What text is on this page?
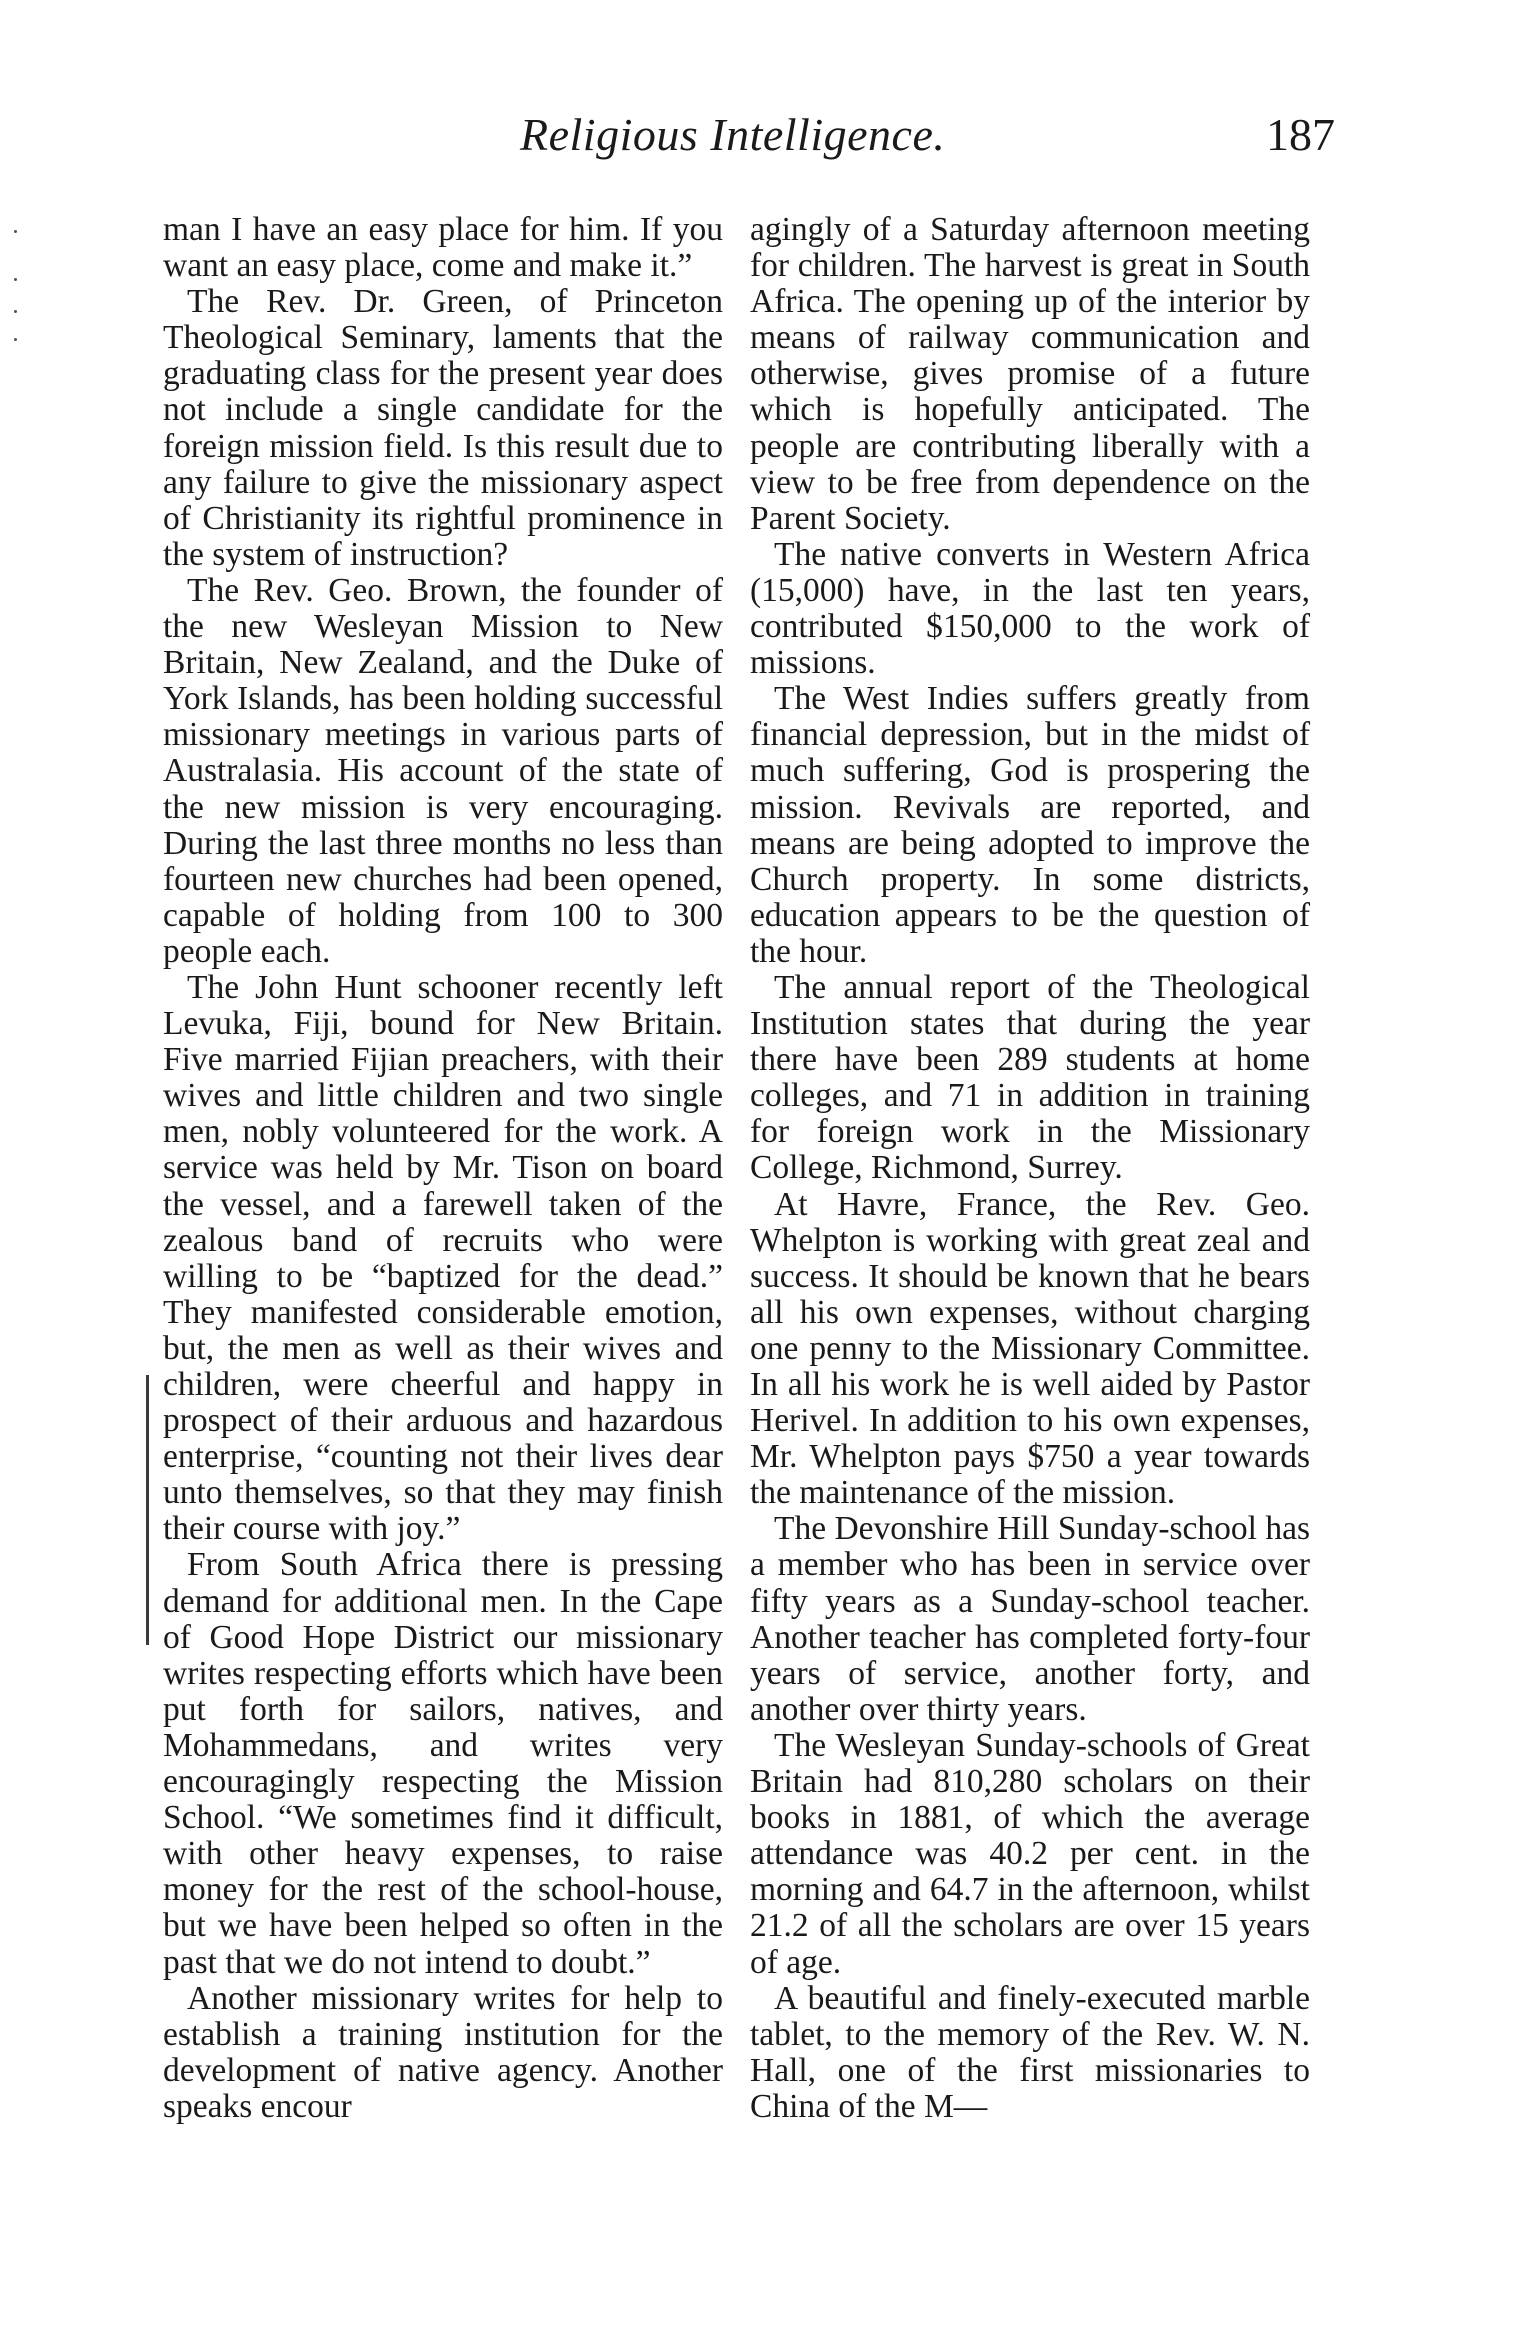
Religious Intelligence.	187

man I have an easy place for him. If you want an easy place, come and make it.”

The Rev. Dr. Green, of Princeton Theological Seminary, laments that the graduating class for the present year does not include a single candidate for the foreign mission field. Is this result due to any failure to give the missionary aspect of Christianity its rightful prominence in the system of instruction?

The Rev. Geo. Brown, the founder of the new Wesleyan Mission to New Britain, New Zealand, and the Duke of York Islands, has been holding successful missionary meetings in various parts of Australasia. His account of the state of the new mission is very encouraging. During the last three months no less than fourteen new churches had been opened, capable of holding from 100 to 300 people each.

The John Hunt schooner recently left Levuka, Fiji, bound for New Britain. Five married Fijian preachers, with their wives and little children and two single men, nobly volunteered for the work. A service was held by Mr. Tison on board the vessel, and a farewell taken of the zealous band of recruits who were willing to be “baptized for the dead.” They manifested considerable emotion, but, the men as well as their wives and children, were cheerful and happy in prospect of their arduous and hazardous enterprise, “counting not their lives dear unto themselves, so that they may finish their course with joy.”

From South Africa there is pressing demand for additional men. In the Cape of Good Hope District our missionary writes respecting efforts which have been put forth for sailors, natives, and Mohammedans, and writes very encouragingly respecting the Mission School. “We sometimes find it difficult, with other heavy expenses, to raise money for the rest of the school-house, but we have been helped so often in the past that we do not intend to doubt.”

Another missionary writes for help to establish a training institution for the development of native agency. Another speaks encour

agingly of a Saturday afternoon meeting for children. The harvest is great in South Africa. The opening up of the interior by means of railway communication and otherwise, gives promise of a future which is hopefully anticipated. The people are contributing liberally with a view to be free from dependence on the Parent Society.

The native converts in Western Africa (15,000) have, in the last ten years, contributed $150,000 to the work of missions.

The West Indies suffers greatly from financial depression, but in the midst of much suffering, God is prospering the mission. Revivals are reported, and means are being adopted to improve the Church property. In some districts, education appears to be the question of the hour.

The annual report of the Theological Institution states that during the year there have been 289 students at home colleges, and 71 in addition in training for foreign work in the Missionary College, Richmond, Surrey.

At Havre, France, the Rev. Geo. Whelpton is working with great zeal and success. It should be known that he bears all his own expenses, without charging one penny to the Missionary Committee. In all his work he is well aided by Pastor Herivel. In addition to his own expenses, Mr. Whelpton pays $750 a year towards the maintenance of the mission.

The Devonshire Hill Sunday-school has a member who has been in service over fifty years as a Sunday-school teacher. Another teacher has completed forty-four years of service, another forty, and another over thirty years.

The Wesleyan Sunday-schools of Great Britain had 810,280 scholars on their books in 1881, of which the average attendance was 40.2 per cent. in the morning and 64.7 in the afternoon, whilst 21.2 of all the scholars are over 15 years of age.

A beautiful and finely-executed marble tablet, to the memory of the Rev. W. N. Hall, one of the first missionaries to China of the M—
